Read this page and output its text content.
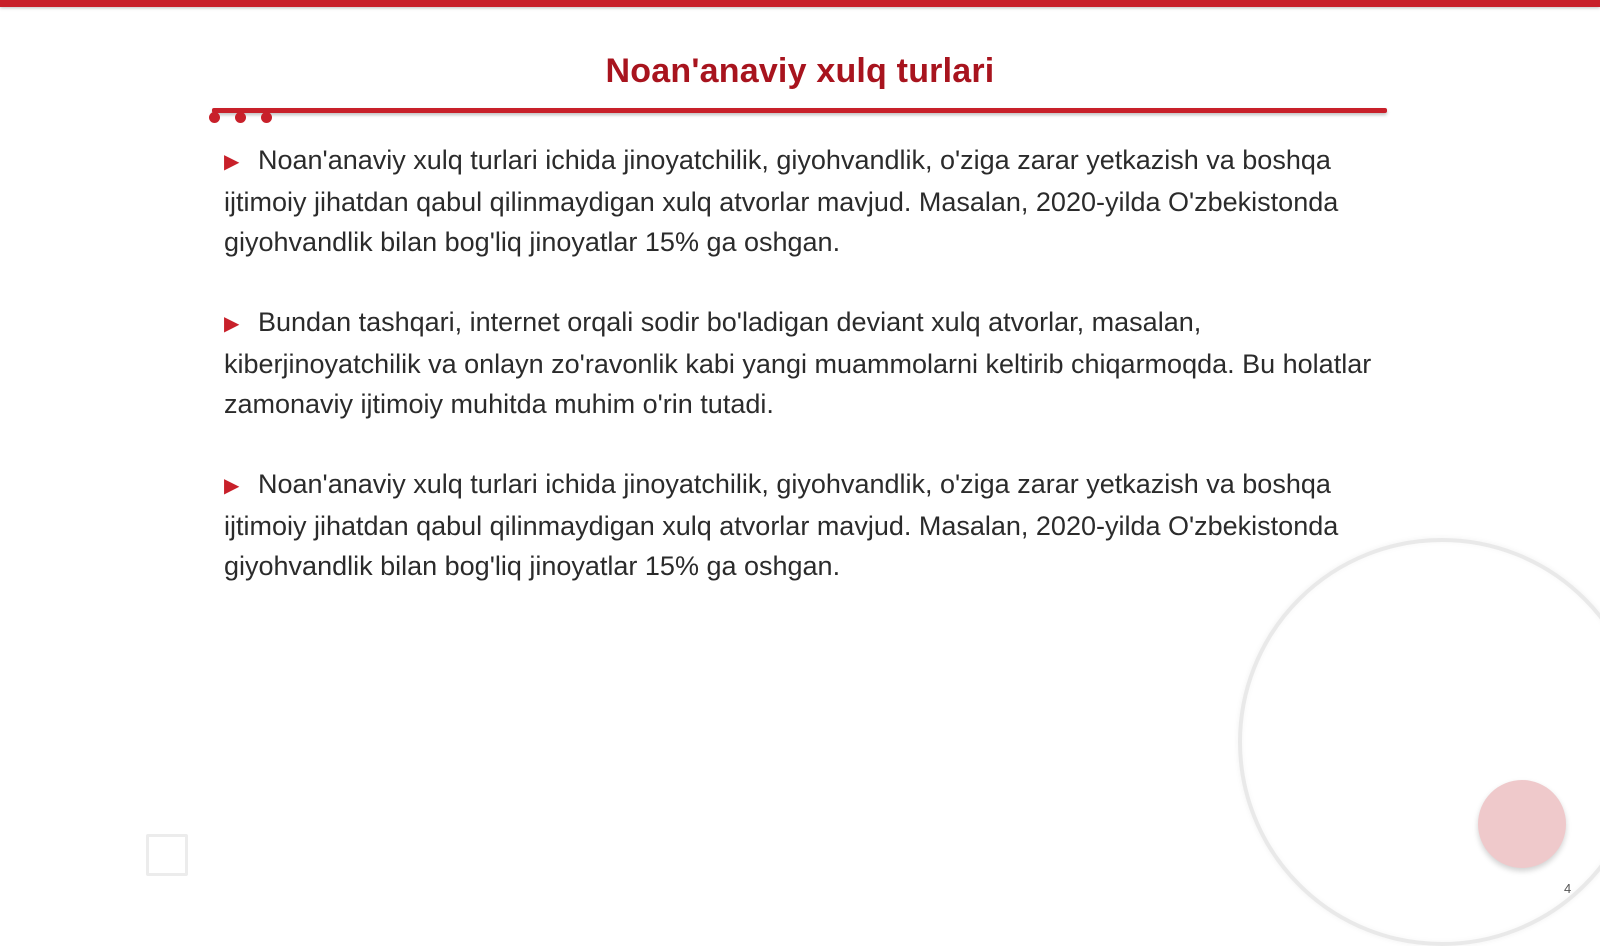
Noan'anaviy xulq turlari

▶ Noan'anaviy xulq turlari ichida jinoyatchilik, giyohvandlik, o'ziga zarar yetkazish va boshqa ijtimoiy jihatdan qabul qilinmaydigan xulq atvorlar mavjud. Masalan, 2020-yilda O'zbekistonda giyohvandlik bilan bog'liq jinoyatlar 15% ga oshgan.

▶ Bundan tashqari, internet orqali sodir bo'ladigan deviant xulq atvorlar, masalan, kiberjinoyatchilik va onlayn zo'ravonlik kabi yangi muammolarni keltirib chiqarmoqda. Bu holatlar zamonaviy ijtimoiy muhitda muhim o'rin tutadi.

▶ Noan'anaviy xulq turlari ichida jinoyatchilik, giyohvandlik, o'ziga zarar yetkazish va boshqa ijtimoiy jihatdan qabul qilinmaydigan xulq atvorlar mavjud. Masalan, 2020-yilda O'zbekistonda giyohvandlik bilan bog'liq jinoyatlar 15% ga oshgan.

4
